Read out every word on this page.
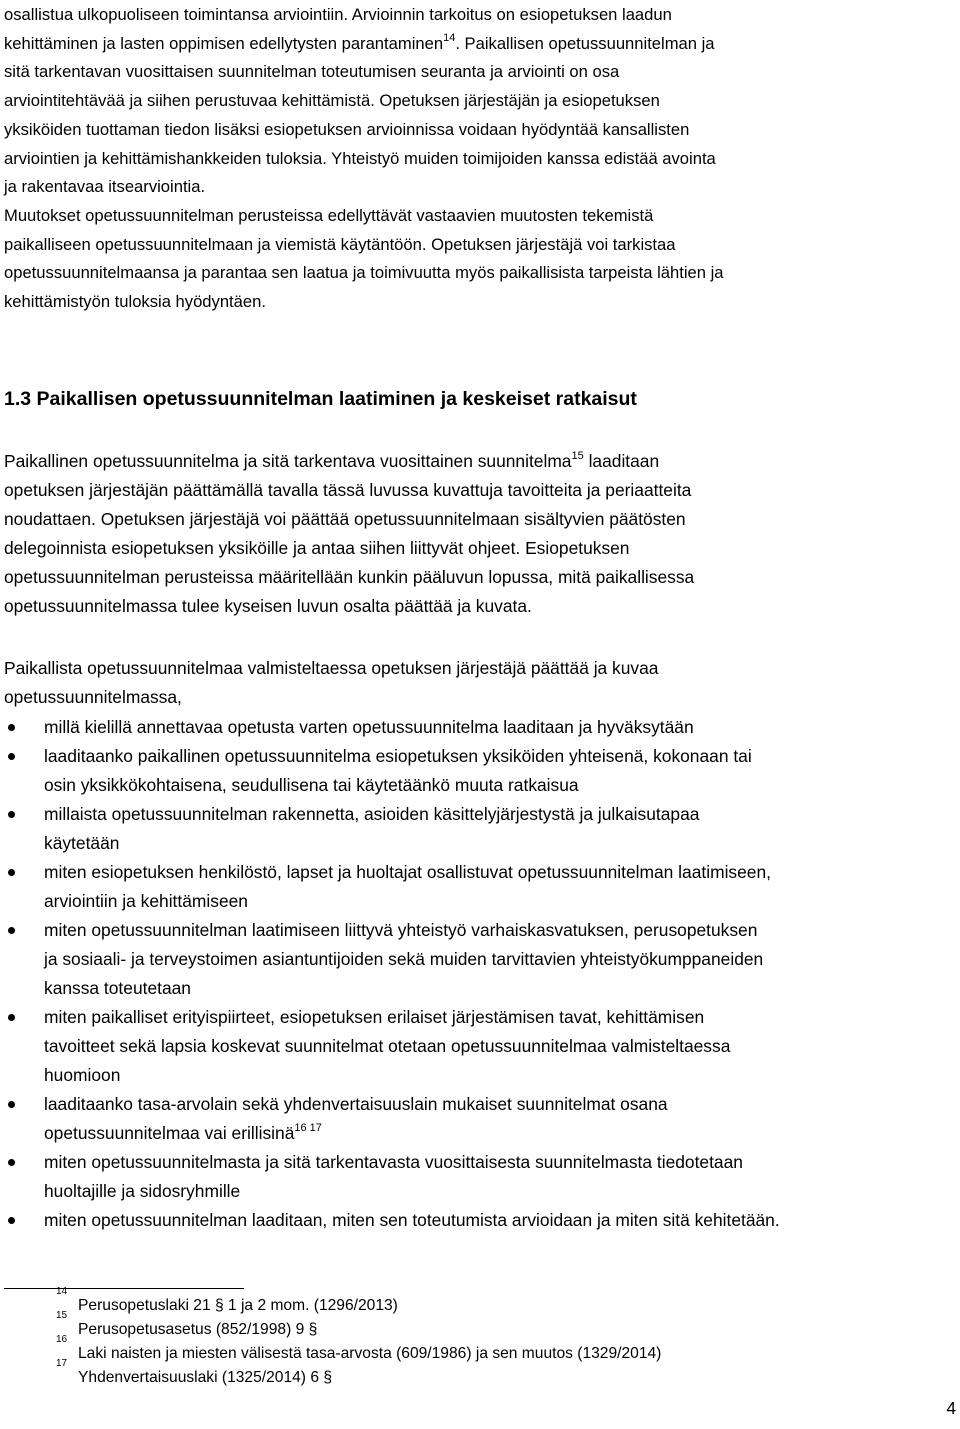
osallistua ulkopuoliseen toimintansa arviointiin. Arvioinnin tarkoitus on esiopetuksen laadun
kehittäminen ja lasten oppimisen edellytysten parantaminen$^{14}$. Paikallisen opetussuunnitelman ja
sitä tarkentavan vuosittaisen suunnitelman toteutumisen seuranta ja arviointi on osa
arviointitehtävää ja siihen perustuvaa kehittämistä. Opetuksen järjestäjän ja esiopetuksen
yksiköiden tuottaman tiedon lisäksi esiopetuksen arvioinnissa voidaan hyödyntää kansallisten
arviointien ja kehittämishankkeiden tuloksia. Yhteistyö muiden toimijoiden kanssa edistää avointa
ja rakentavaa itsearviointia.
Muutokset opetussuunnitelman perusteissa edellyttävät vastaavien muutosten tekemistä
paikalliseen opetussuunnitelmaan ja viemistä käytäntöön. Opetuksen järjestäjä voi tarkistaa
opetussuunnitelmaansa ja parantaa sen laatua ja toimivuutta myös paikallisista tarpeista lähtien ja
kehittämistyön tuloksia hyödyntäen.
1.3 Paikallisen opetussuunnitelman laatiminen ja keskeiset ratkaisut
Paikallinen opetussuunnitelma ja sitä tarkentava vuosittainen suunnitelma$^{15}$ laaditaan
opetuksen järjestäjän päättämällä tavalla tässä luvussa kuvattuja tavoitteita ja periaatteita
noudattaen. Opetuksen järjestäjä voi päättää opetussuunnitelmaan sisältyvien päätösten
delegoinnista esiopetuksen yksiköille ja antaa siihen liittyvät ohjeet. Esiopetuksen
opetussuunnitelman perusteissa määritellään kunkin pääluvun lopussa, mitä paikallisessa
opetussuunnitelmassa tulee kyseisen luvun osalta päättää ja kuvata.
Paikallista opetussuunnitelmaa valmisteltaessa opetuksen järjestäjä päättää ja kuvaa
opetussuunnitelmassa,
millä kielillä annettavaa opetusta varten opetussuunnitelma laaditaan ja hyväksytään
laaditaanko paikallinen opetussuunnitelma esiopetuksen yksiköiden yhteisenä, kokonaan tai
osin yksikkökohtaisena, seudullisena tai käytetäänkö muuta ratkaisua
millaista opetussuunnitelman rakennetta, asioiden käsittelyjärjestystä ja julkaisutapaa
käytetään
miten esiopetuksen henkilöstö, lapset ja huoltajat osallistuvat opetussuunnitelman laatimiseen,
arviointiin ja kehittämiseen
miten opetussuunnitelman laatimiseen liittyvä yhteistyö varhaiskasvatuksen, perusopetuksen
ja sosiaali- ja terveystoimen asiantuntijoiden sekä muiden tarvittavien yhteistyökumppaneiden
kanssa toteutetaan
miten paikalliset erityispiirteet, esiopetuksen erilaiset järjestämisen tavat, kehittämisen
tavoitteet sekä lapsia koskevat suunnitelmat otetaan opetussuunnitelmaa valmisteltaessa
huomioon
laaditaanko tasa-arvolain sekä yhdenvertaisuuslain mukaiset suunnitelmat osana
opetussuunnitelmaa vai erillisinä$^{16 17}$
miten opetussuunnitelmasta ja sitä tarkentavasta vuosittaisesta suunnitelmasta tiedotetaan
huoltajille ja sidosryhmille
miten opetussuunnitelman laaditaan, miten sen toteutumista arvioidaan ja miten sitä kehitetään.
14
Perusopetuslaki 21 § 1 ja 2 mom. (1296/2013)
15
Perusopetusasetus (852/1998) 9 §
16
Laki naisten ja miesten välisestä tasa-arvosta (609/1986) ja sen muutos (1329/2014)
17
Yhdenvertaisuuslaki (1325/2014) 6 §
4
